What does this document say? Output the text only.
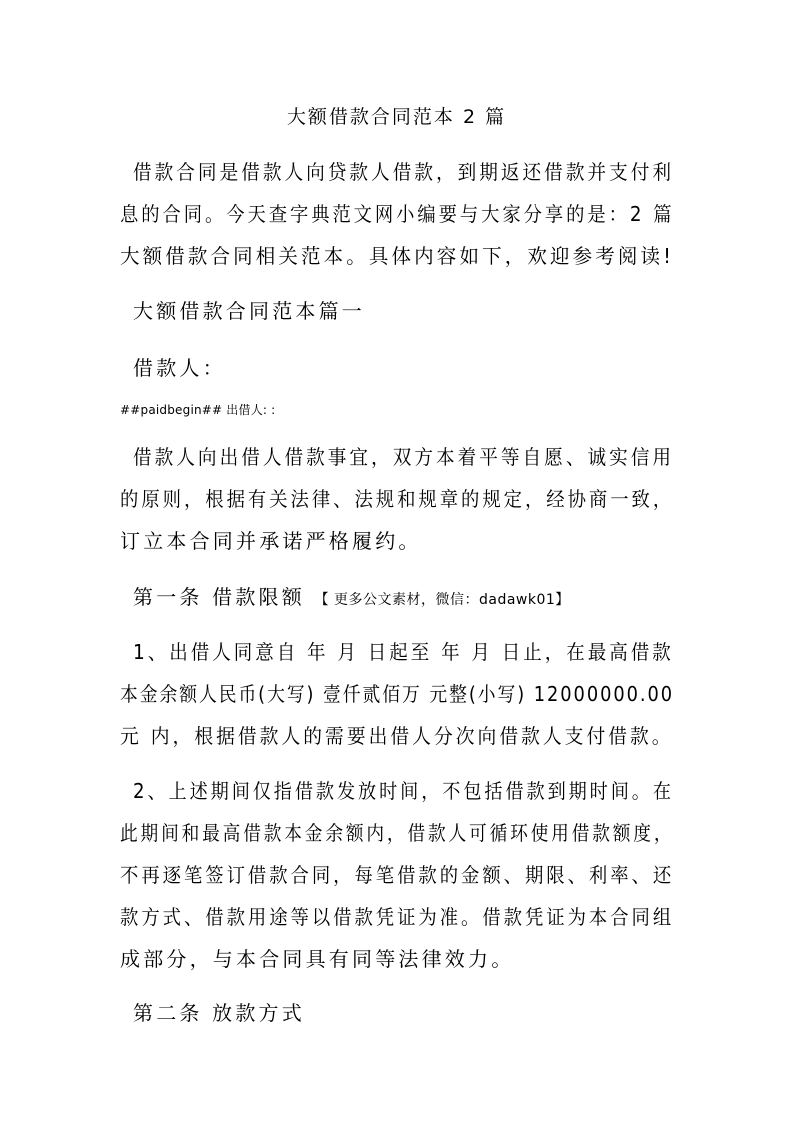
大额借款合同范本 2 篇
借款合同是借款人向贷款人借款，到期返还借款并支付利
息的合同。今天查字典范文网小编要与大家分享的是：2 篇
大额借款合同相关范本。具体内容如下，欢迎参考阅读!
大额借款合同范本篇一
借款人：
##paidbegin## 出借人: :
借款人向出借人借款事宜，双方本着平等自愿、诚实信用
的原则，根据有关法律、法规和规章的规定，经协商一致，
订立本合同并承诺严格履约。
第一条 借款限额 【 更多公文素材，微信：dadawk01】
1、出借人同意自 年 月 日起至 年 月 日止，在最高借款
本金余额人民币(大写) 壹仟贰佰万 元整(小写) 12000000.00
元 内，根据借款人的需要出借人分次向借款人支付借款。
2、上述期间仅指借款发放时间，不包括借款到期时间。在
此期间和最高借款本金余额内，借款人可循环使用借款额度，
不再逐笔签订借款合同，每笔借款的金额、期限、利率、还
款方式、借款用途等以借款凭证为准。借款凭证为本合同组
成部分，与本合同具有同等法律效力。
第二条 放款方式
